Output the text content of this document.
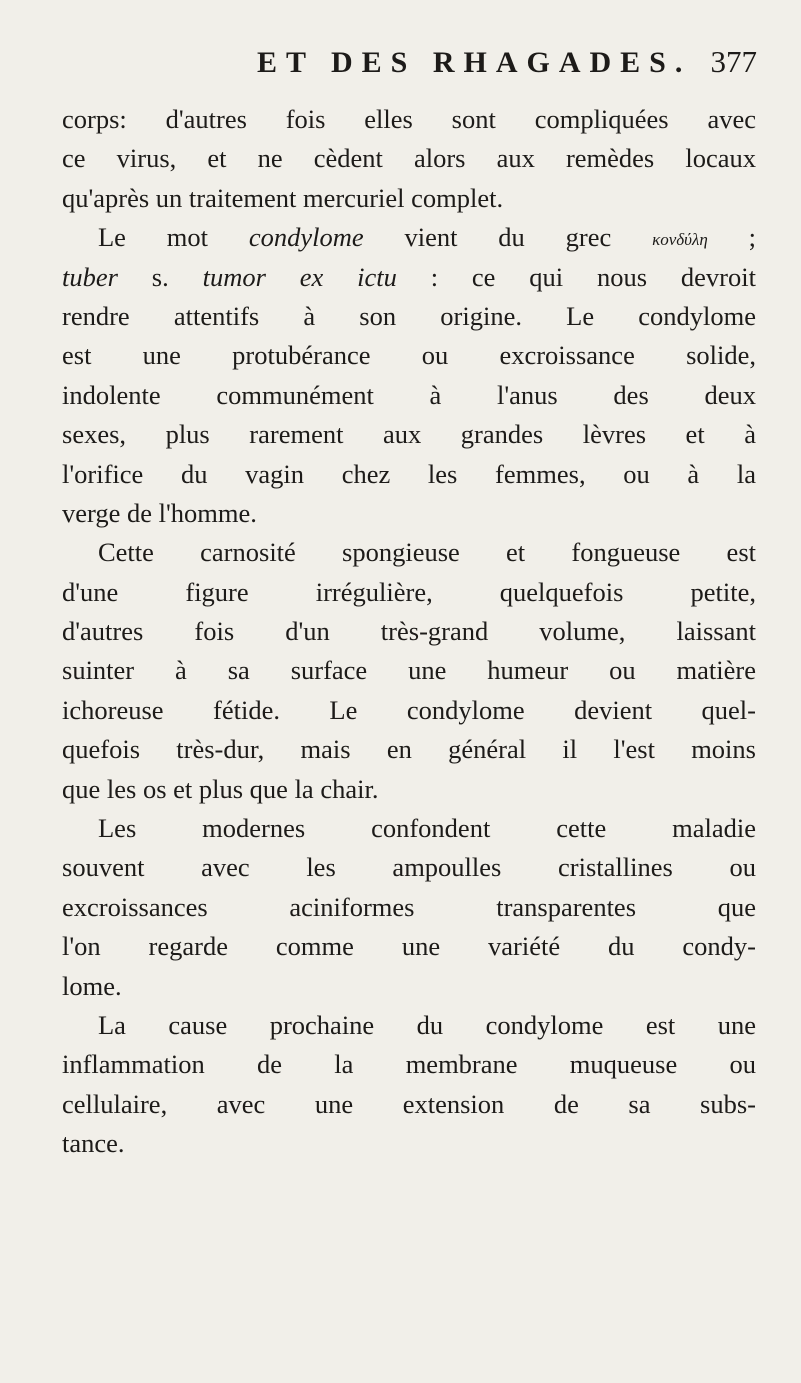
ET DES RHAGADES. 377
corps: d'autres fois elles sont compliquées avec
ce virus, et ne cèdent alors aux remèdes locaux
qu'après un traitement mercuriel complet.
Le mot condylome vient du grec κονδύλη ;
tuber s. tumor ex ictu : ce qui nous devroit
rendre attentifs à son origine. Le condylome
est une protubérance ou excroissance solide,
indolente communément à l'anus des deux
sexes, plus rarement aux grandes lèvres et à
l'orifice du vagin chez les femmes, ou à la
verge de l'homme.
Cette carnosité spongieuse et fongueuse est
d'une figure irrégulière, quelquefois petite,
d'autres fois d'un très-grand volume, laissant
suinter à sa surface une humeur ou matière
ichoreuse fétide. Le condylome devient quel-
quefois très-dur, mais en général il l'est moins
que les os et plus que la chair.
Les modernes confondent cette maladie
souvent avec les ampoulles cristallines ou
excroissances aciniformes transparentes que
l'on regarde comme une variété du condy-
lome.
La cause prochaine du condylome est une
inflammation de la membrane muqueuse ou
cellulaire, avec une extension de sa subs-
tance.
